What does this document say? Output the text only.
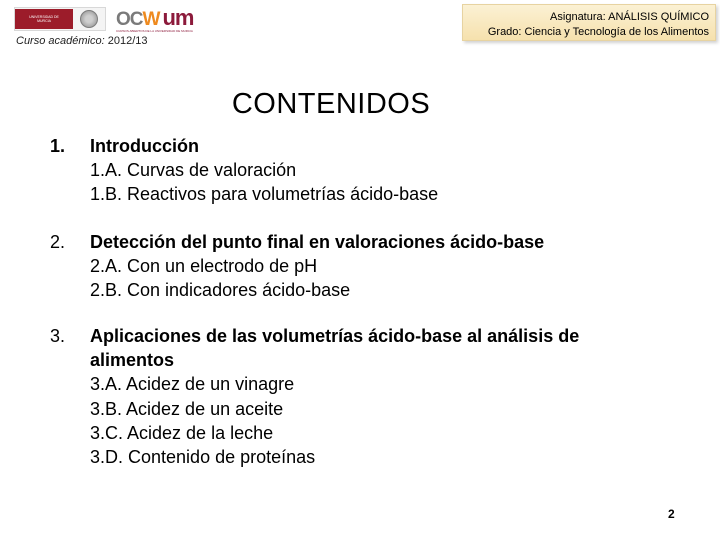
UNIVERSIDAD DE
MURCIA	OC W um
CURSOS ABIERTOS DE LA UNIVERSIDAD DE MURCIA
Curso académico: 2012/13
Asignatura: ANÁLISIS QUÍMICO
Grado: Ciencia y Tecnología de los Alimentos
CONTENIDOS
1.	Introducción
1.A. Curvas de valoración
1.B. Reactivos para volumetrías ácido-base
2.	Detección del punto final en valoraciones ácido-base
2.A. Con un electrodo de pH
2.B. Con indicadores ácido-base
3.	Aplicaciones de las volumetrías ácido-base al análisis de
alimentos
3.A. Acidez de un vinagre
3.B. Acidez de un aceite
3.C. Acidez de la leche
3.D. Contenido de proteínas
2
